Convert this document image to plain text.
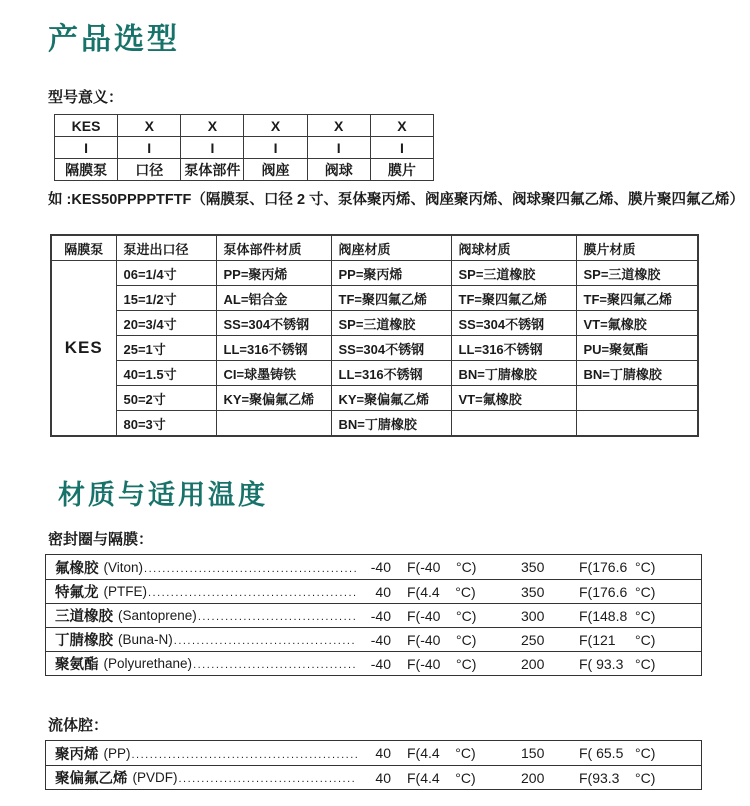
产品选型
型号意义：
KES	X	X	X	X	X
I	I	I	I	I	I
隔膜泵	口径	泵体部件	阀座	阀球	膜片

如 :KES50PPPPTFTF（隔膜泵、口径 2 寸、泵体聚丙烯、阀座聚丙烯、阀球聚四氟乙烯、膜片聚四氟乙烯）

隔膜泵	泵进出口径	泵体部件材质	阀座材质	阀球材质	膜片材质
KES	06=1/4寸	PP=聚丙烯	PP=聚丙烯	SP=三道橡胶	SP=三道橡胶
	15=1/2寸	AL=铝合金	TF=聚四氟乙烯	TF=聚四氟乙烯	TF=聚四氟乙烯
	20=3/4寸	SS=304不锈钢	SP=三道橡胶	SS=304不锈钢	VT=氟橡胶
	25=1寸	LL=316不锈钢	SS=304不锈钢	LL=316不锈钢	PU=聚氨酯
	40=1.5寸	CI=球墨铸铁	LL=316不锈钢	BN=丁腈橡胶	BN=丁腈橡胶
	50=2寸	KY=聚偏氟乙烯	KY=聚偏氟乙烯	VT=氟橡胶	
	80=3寸		BN=丁腈橡胶		
材质与适用温度
密封圈与隔膜：
氟橡胶 (Viton) .....	-40 F(-40    °C)	350	F(176.6  °C)
特氟龙 (PTFE) .....	40 F(4.4    °C)	350	F(176.6  °C)
三道橡胶 (Santoprene) .....	-40 F(-40    °C)	300	F(148.8  °C)
丁腈橡胶 (Buna-N) .....	-40 F(-40    °C)	250	F(121     °C)
聚氨酯 (Polyurethane) .....	-40 F(-40    °C)	200	F( 93.3   °C)
流体腔：
聚丙烯 (PP) .....	40 F(4.4    °C)	150	F( 65.5   °C)
聚偏氟乙烯 (PVDF) .....	40 F(4.4    °C)	200	F(93.3    °C)
